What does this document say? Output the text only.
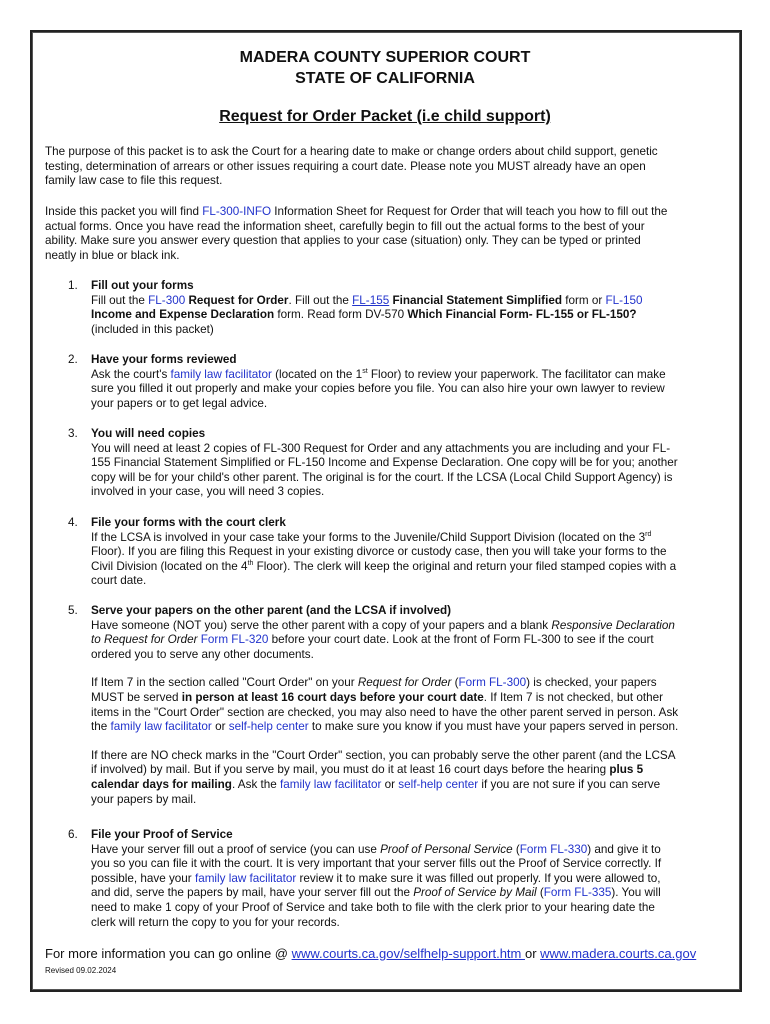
MADERA COUNTY SUPERIOR COURT
STATE OF CALIFORNIA
Request for Order Packet (i.e child support)
The purpose of this packet is to ask the Court for a hearing date to make or change orders about child support, genetic
testing, determination of arrears or other issues requiring a court date. Please note you MUST already have an open
family law case to file this request.
Inside this packet you will find FL-300-INFO Information Sheet for Request for Order that will teach you how to fill out the
actual forms. Once you have read the information sheet, carefully begin to fill out the actual forms to the best of your
ability. Make sure you answer every question that applies to your case (situation) only. They can be typed or printed
neatly in blue or black ink.
1.	Fill out your forms
Fill out the FL-300 Request for Order. Fill out the FL-155 Financial Statement Simplified form or FL-150
Income and Expense Declaration form. Read form DV-570 Which Financial Form- FL-155 or FL-150?
(included in this packet)
2.	Have your forms reviewed
Ask the court's family law facilitator (located on the 1st Floor) to review your paperwork. The facilitator can make
sure you filled it out properly and make your copies before you file. You can also hire your own lawyer to review
your papers or to get legal advice.
3.	You will need copies
You will need at least 2 copies of FL-300 Request for Order and any attachments you are including and your FL-
155 Financial Statement Simplified or FL-150 Income and Expense Declaration. One copy will be for you; another
copy will be for your child's other parent. The original is for the court. If the LCSA (Local Child Support Agency) is
involved in your case, you will need 3 copies.
4.	File your forms with the court clerk
If the LCSA is involved in your case take your forms to the Juvenile/Child Support Division (located on the 3rd
Floor). If you are filing this Request in your existing divorce or custody case, then you will take your forms to the
Civil Division (located on the 4th Floor). The clerk will keep the original and return your filed stamped copies with a
court date.
5.	Serve your papers on the other parent (and the LCSA if involved)
Have someone (NOT you) serve the other parent with a copy of your papers and a blank Responsive Declaration
to Request for Order Form FL-320 before your court date. Look at the front of Form FL-300 to see if the court
ordered you to serve any other documents.
If Item 7 in the section called "Court Order" on your Request for Order (Form FL-300) is checked, your papers
MUST be served in person at least 16 court days before your court date. If Item 7 is not checked, but other
items in the "Court Order" section are checked, you may also need to have the other parent served in person. Ask
the family law facilitator or self-help center to make sure you know if you must have your papers served in person.
If there are NO check marks in the "Court Order" section, you can probably serve the other parent (and the LCSA
if involved) by mail. But if you serve by mail, you must do it at least 16 court days before the hearing plus 5
calendar days for mailing. Ask the family law facilitator or self-help center if you are not sure if you can serve
your papers by mail.
6.	File your Proof of Service
Have your server fill out a proof of service (you can use Proof of Personal Service (Form FL-330) and give it to
you so you can file it with the court. It is very important that your server fills out the Proof of Service correctly. If
possible, have your family law facilitator review it to make sure it was filled out properly. If you were allowed to,
and did, serve the papers by mail, have your server fill out the Proof of Service by Mail (Form FL-335). You will
need to make 1 copy of your Proof of Service and take both to file with the clerk prior to your hearing date the
clerk will return the copy to you for your records.
For more information you can go online @ www.courts.ca.gov/selfhelp-support.htm or www.madera.courts.ca.gov
Revised 09.02.2024
